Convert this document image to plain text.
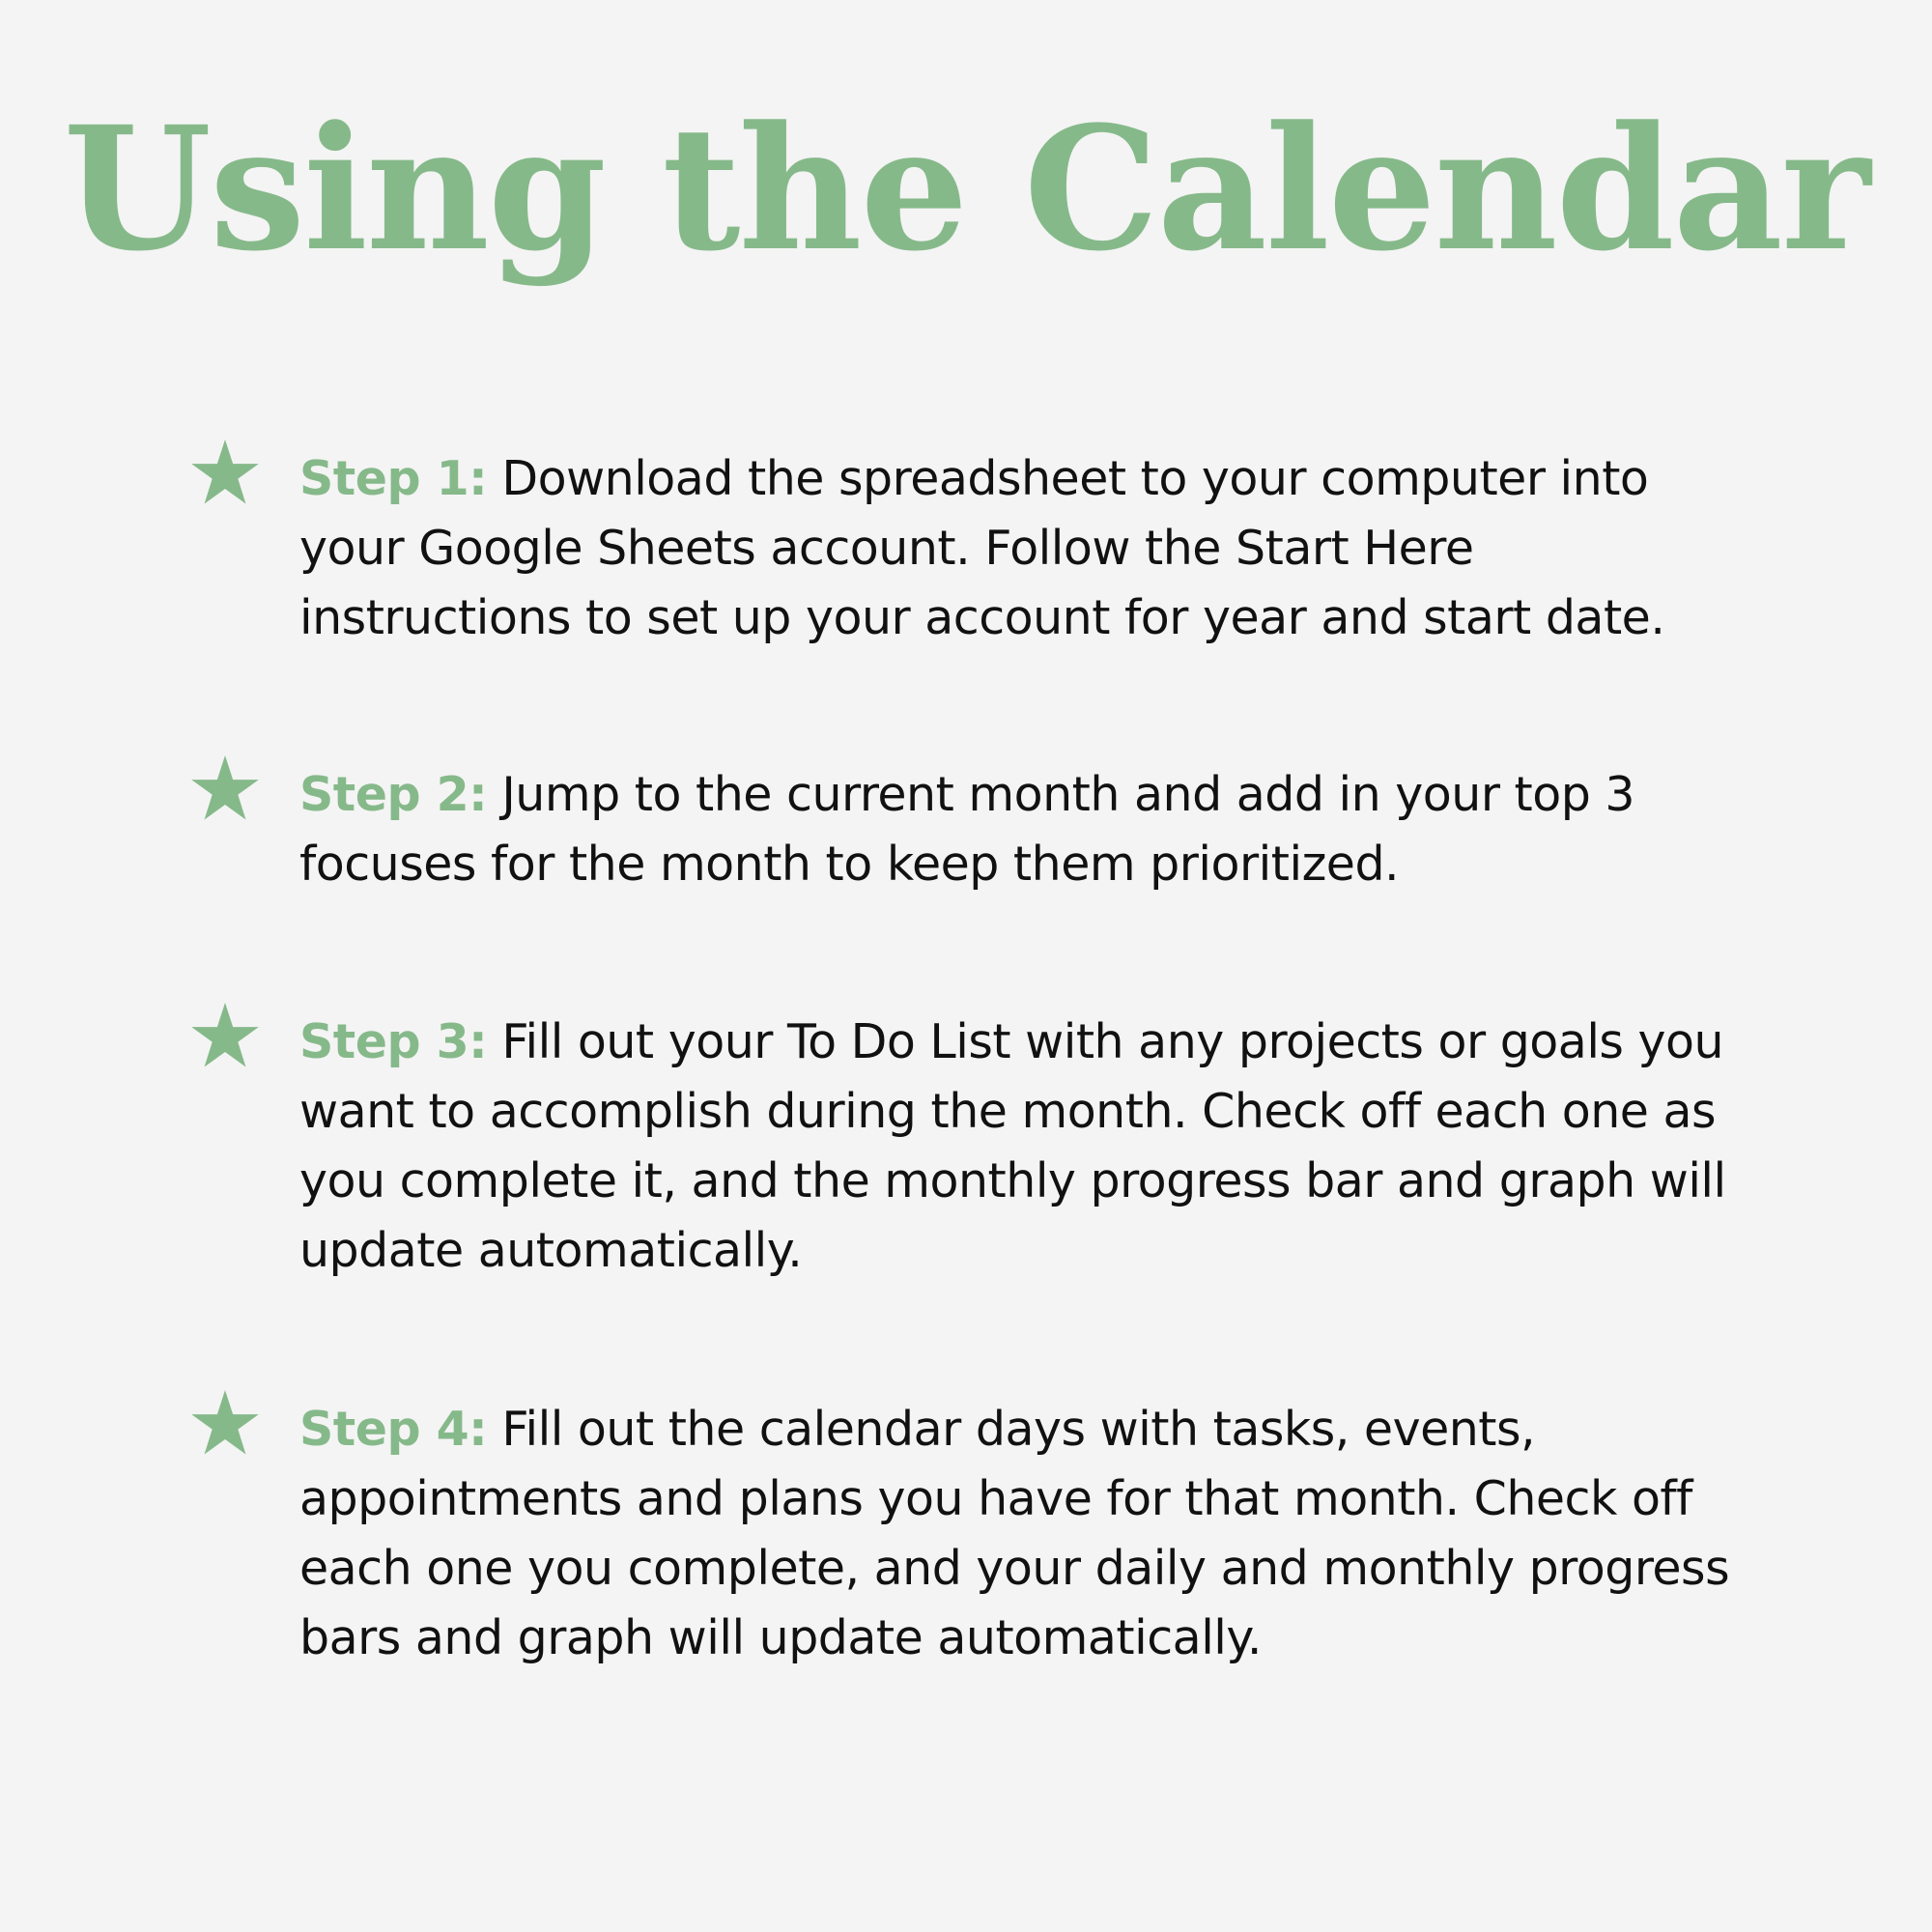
Using the Calendar

Step 1: Download the spreadsheet to your computer into your Google Sheets account. Follow the Start Here instructions to set up your account for year and start date.

Step 2: Jump to the current month and add in your top 3 focuses for the month to keep them prioritized.

Step 3: Fill out your To Do List with any projects or goals you want to accomplish during the month. Check off each one as you complete it, and the monthly progress bar and graph will update automatically.

Step 4: Fill out the calendar days with tasks, events, appointments and plans you have for that month. Check off each one you complete, and your daily and monthly progress bars and graph will update automatically.
